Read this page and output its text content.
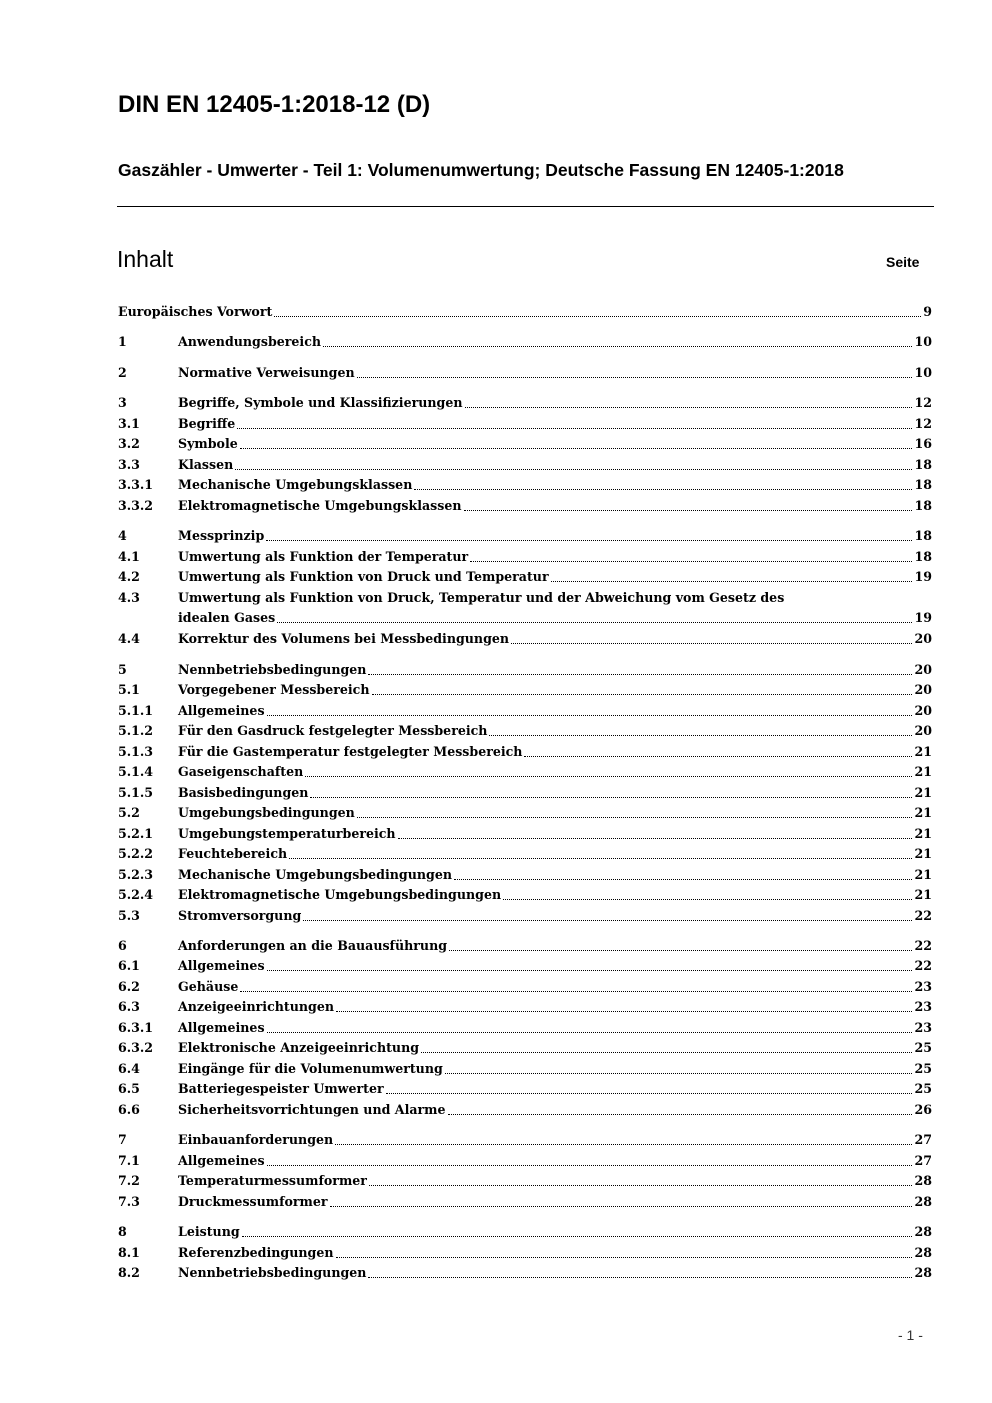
DIN EN 12405-1:2018-12 (D)

Gaszähler - Umwerter - Teil 1: Volumenumwertung; Deutsche Fassung EN 12405-1:2018

Inhalt	Seite
Europäisches Vorwort	9
1	Anwendungsbereich	10
2	Normative Verweisungen	10
3	Begriffe, Symbole und Klassifizierungen	12
3.1	Begriffe	12
3.2	Symbole	16
3.3	Klassen	18
3.3.1	Mechanische Umgebungsklassen	18
3.3.2	Elektromagnetische Umgebungsklassen	18
4	Messprinzip	18
4.1	Umwertung als Funktion der Temperatur	18
4.2	Umwertung als Funktion von Druck und Temperatur	19
4.3	Umwertung als Funktion von Druck, Temperatur und der Abweichung vom Gesetz des
idealen Gases	19
4.4	Korrektur des Volumens bei Messbedingungen	20
5	Nennbetriebsbedingungen	20
5.1	Vorgegebener Messbereich	20
5.1.1	Allgemeines	20
5.1.2	Für den Gasdruck festgelegter Messbereich	20
5.1.3	Für die Gastemperatur festgelegter Messbereich	21
5.1.4	Gaseigenschaften	21
5.1.5	Basisbedingungen	21
5.2	Umgebungsbedingungen	21
5.2.1	Umgebungstemperaturbereich	21
5.2.2	Feuchtebereich	21
5.2.3	Mechanische Umgebungsbedingungen	21
5.2.4	Elektromagnetische Umgebungsbedingungen	21
5.3	Stromversorgung	22
6	Anforderungen an die Bauausführung	22
6.1	Allgemeines	22
6.2	Gehäuse	23
6.3	Anzeigeeinrichtungen	23
6.3.1	Allgemeines	23
6.3.2	Elektronische Anzeigeeinrichtung	25
6.4	Eingänge für die Volumenumwertung	25
6.5	Batteriegespeister Umwerter	25
6.6	Sicherheitsvorrichtungen und Alarme	26
7	Einbauanforderungen	27
7.1	Allgemeines	27
7.2	Temperaturmessumformer	28
7.3	Druckmessumformer	28
8	Leistung	28
8.1	Referenzbedingungen	28
8.2	Nennbetriebsbedingungen	28
- 1 -
